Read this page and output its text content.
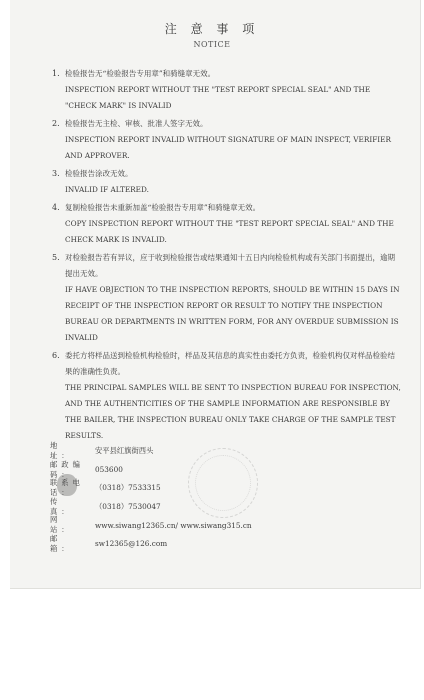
注 意 事 项
NOTICE
1. 检验报告无“检验报告专用章”和骑缝章无效。

INSPECTION REPORT WITHOUT THE "TEST REPORT SPECIAL SEAL" AND THE "CHECK MARK" IS INVALID

2. 检验报告无主检、审核、批准人签字无效。

INSPECTION REPORT INVALID WITHOUT SIGNATURE OF MAIN INSPECT, VERIFIER AND APPROVER.

3. 检验报告涂改无效。

INVALID IF ALTERED.

4. 复制检验报告未重新加盖“检验报告专用章”和骑缝章无效。

COPY INSPECTION REPORT WITHOUT THE "TEST REPORT SPECIAL SEAL" AND THE CHECK MARK IS INVALID.

5. 对检验报告若有异议，应于收到检验报告或结果通知十五日内向检验机构或有关部门书面提出，逾期提出无效。

IF HAVE OBJECTION TO THE INSPECTION REPORTS, SHOULD BE WITHIN 15 DAYS IN RECEIPT OF THE INSPECTION REPORT OR RESULT TO NOTIFY THE INSPECTION BUREAU OR DEPARTMENTS IN WRITTEN FORM, FOR ANY OVERDUE SUBMISSION IS INVALID

6. 委托方将样品送到检验机构检验时，样品及其信息的真实性由委托方负责，检验机构仅对样品检验结果的准确性负责。

THE PRINCIPAL SAMPLES WILL BE SENT TO INSPECTION BUREAU FOR INSPECTION, AND THE AUTHENTICITIES OF THE SAMPLE INFORMATION ARE RESPONSIBLE BY THE BAILER, THE INSPECTION BUREAU ONLY TAKE CHARGE OF THE SAMPLE TEST RESULTS.

地　址：
安平县红旗街西头
邮政编码：	053600
联系电话：
（0318）7533315
传　真：
（0318）7530047
网　站：	www.siwang12365.cn/ www.siwang315.cn
邮　箱：	sw12365@126.com
